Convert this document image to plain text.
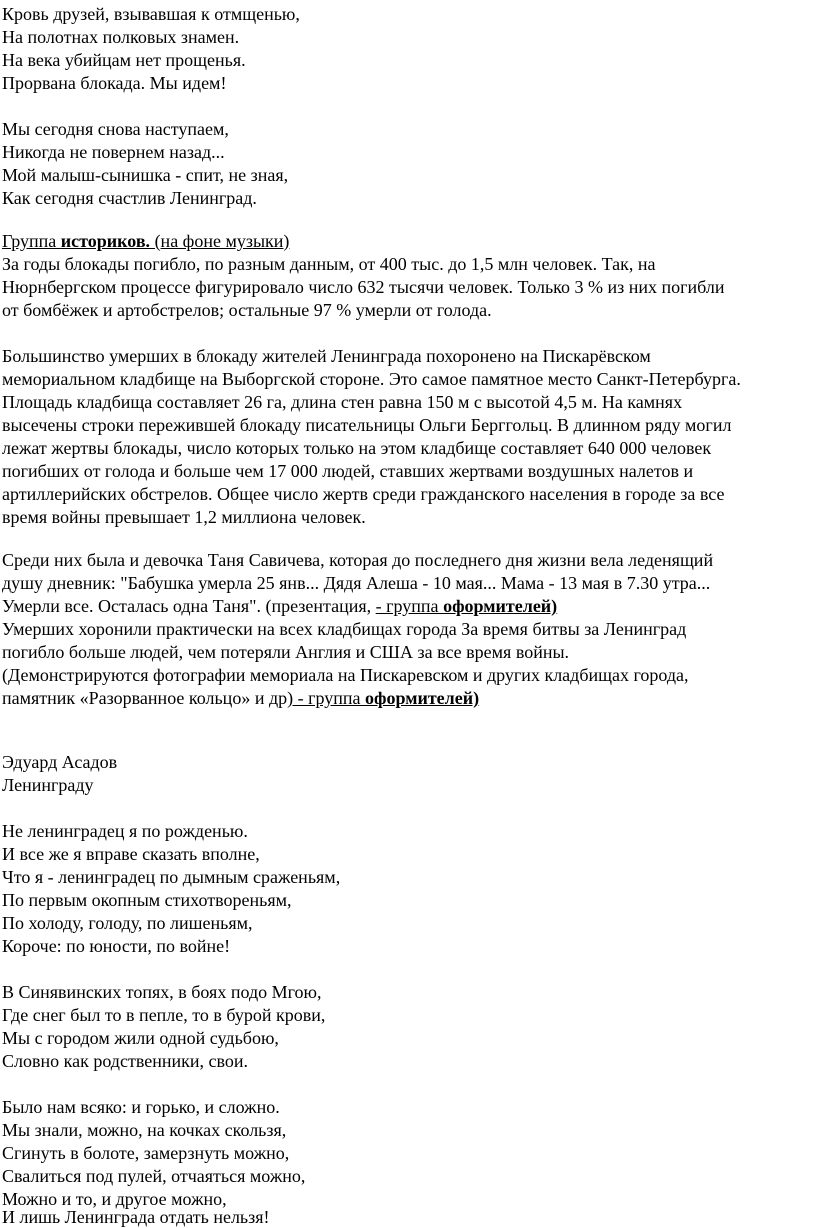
Кровь друзей, взывавшая к отмщенью,
На полотнах полковых знамен.
На века убийцам нет прощенья.
Прорвана блокада. Мы идем!
Мы сегодня снова наступаем,
Никогда не повернем назад...
Мой малыш-сынишка - спит, не зная,
Как сегодня счастлив Ленинград.
Группа историков. (на фоне музыки)
За годы блокады погибло, по разным данным, от 400 тыс. до 1,5 млн человек. Так, на
Нюрнбергском процессе фигурировало число 632 тысячи человек. Только 3 % из них погибли
от бомбёжек и артобстрелов; остальные 97 % умерли от голода.
Большинство умерших в блокаду жителей Ленинграда похоронено на Пискарёвском
мемориальном кладбище на Выборгской стороне. Это самое памятное место Санкт-Петербурга.
Площадь кладбища составляет 26 га, длина стен равна 150 м с высотой 4,5 м. На камнях
высечены строки пережившей блокаду писательницы Ольги Берггольц. В длинном ряду могил
лежат жертвы блокады, число которых только на этом кладбище составляет 640 000 человек
погибших от голода и больше чем 17 000 людей, ставших жертвами воздушных налетов и
артиллерийских обстрелов. Общее число жертв среди гражданского населения в городе за все
время войны превышает 1,2 миллиона человек.
Среди них была и девочка Таня Савичева, которая до последнего дня жизни вела леденящий
душу дневник: "Бабушка умерла 25 янв... Дядя Алеша - 10 мая... Мама - 13 мая в 7.30 утра...
Умерли все. Осталась одна Таня". (презентация, - группа оформителей)
Умерших хоронили практически на всех кладбищах города За время битвы за Ленинград
погибло больше людей, чем потеряли Англия и США за все время войны.
(Демонстрируются фотографии мемориала на Пискаревском и других кладбищах города,
памятник «Разорванное кольцо» и др) - группа оформителей)
Эдуард Асадов
Ленинграду
Не ленинградец я по рожденью.
И все же я вправе сказать вполне,
Что я - ленинградец по дымным сраженьям,
По первым окопным стихотвореньям,
По холоду, голоду, по лишеньям,
Короче: по юности, по войне!
В Синявинских топях, в боях подо Мгою,
Где снег был то в пепле, то в бурой крови,
Мы с городом жили одной судьбою,
Словно как родственники, свои.
Было нам всяко: и горько, и сложно.
Мы знали, можно, на кочках скользя,
Сгинуть в болоте, замерзнуть можно,
Свалиться под пулей, отчаяться можно,
Можно и то, и другое можно,
И лишь Ленинграда отдать нельзя!
